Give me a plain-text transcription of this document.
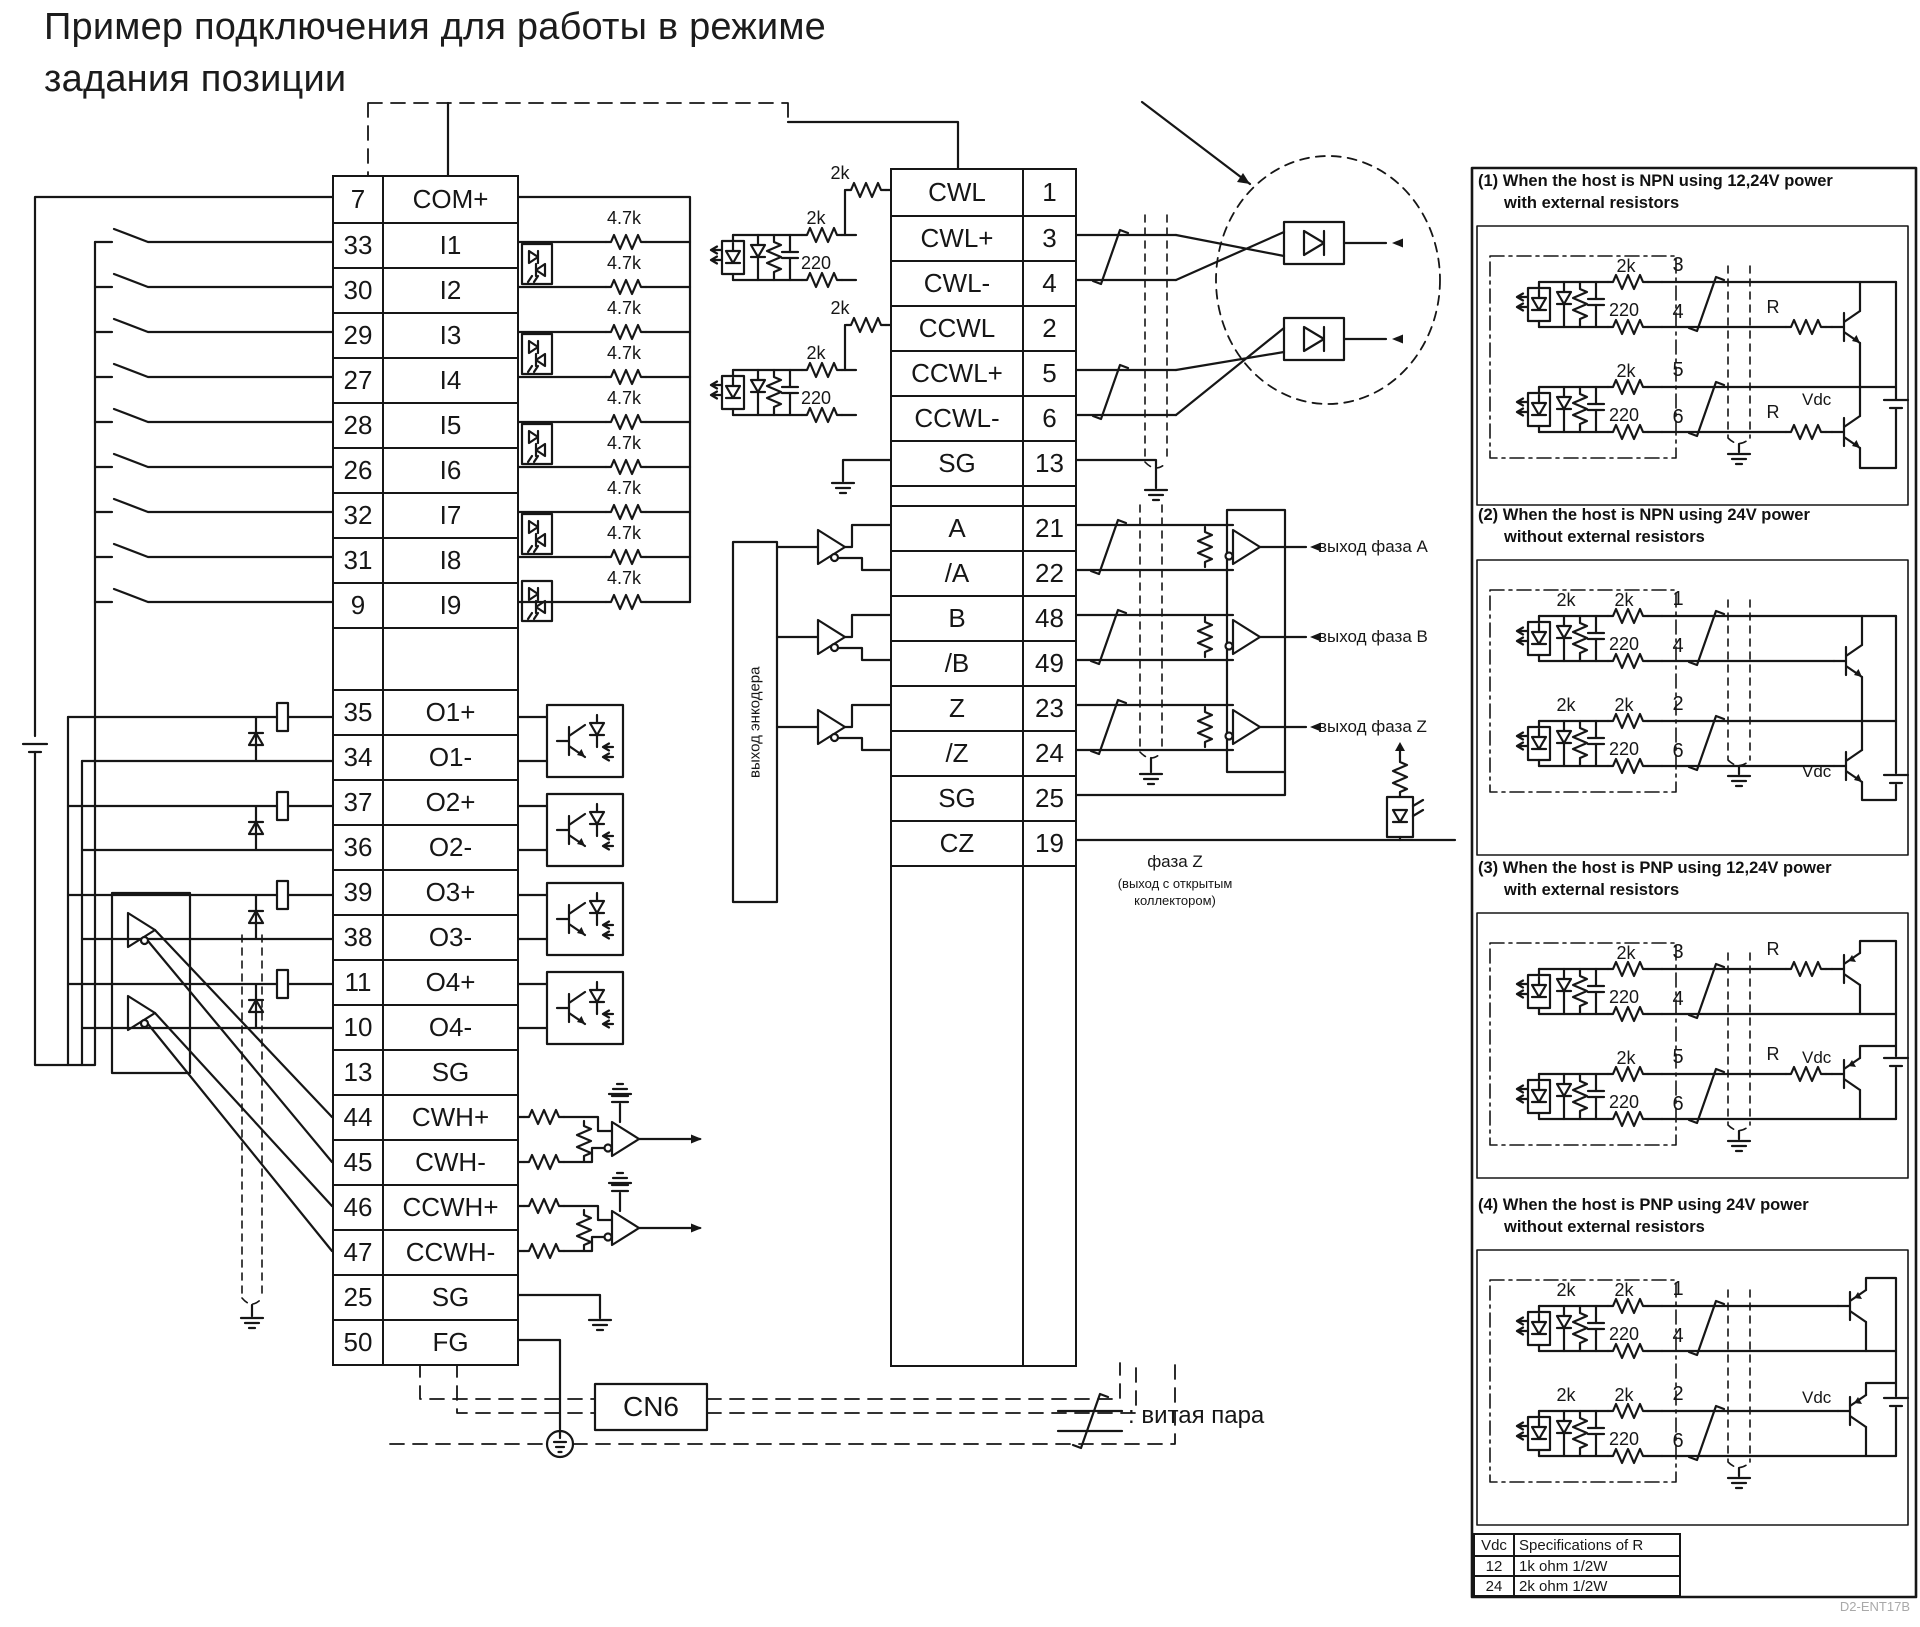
Пример подключения для работы в режиме
задания позиции
7	COM+
33	I1
30	I2
29	I3
27	I4
28	I5
26	I6
32	I7
31	I8
9	I9
35	O1+
34	O1-
37	O2+
36	O2-
39	O3+
38	O3-
11	O4+
10	O4-
13	SG
44	CWH+
45	CWH-
46	CCWH+
47	CCWH-
25	SG
50	FG
CWL	1
CWL+	3
CWL-	4
CCWL	2
CCWL+	5
CCWL-	6
SG	13
A	21
/A	22
B	48
/B	49
Z	23
/Z	24
SG	25
CZ	19
4.7k
4.7k
4.7k
4.7k
4.7k
4.7k
4.7k
4.7k
4.7k
2k
2k
220
2k
2k
220
выход энкодера
выход фаза A
выход фаза B
выход фаза Z
фаза Z
(выход с открытым
коллектором)
CN6	: витая пара
D2-ENT17B
(1) When the host is NPN using 12,24V power
with external resistors
(2) When the host is NPN using 24V power
without external resistors
(3) When the host is PNP using 12,24V power
with external resistors
(4) When the host is PNP using 24V power
without external resistors
3
4
5
6
1
4
2
6
3
4
5
6
1
4
2
6
2k
220
2k
220
2k	2k
220
2k	2k
220
2k
220
2k
220
2k	2k
220
2k	2k
220
R
R
R
R
Vdc
Vdc
Vdc
Vdc
Vdc Specifications of R
12	1k ohm 1/2W
24	2k ohm 1/2W
